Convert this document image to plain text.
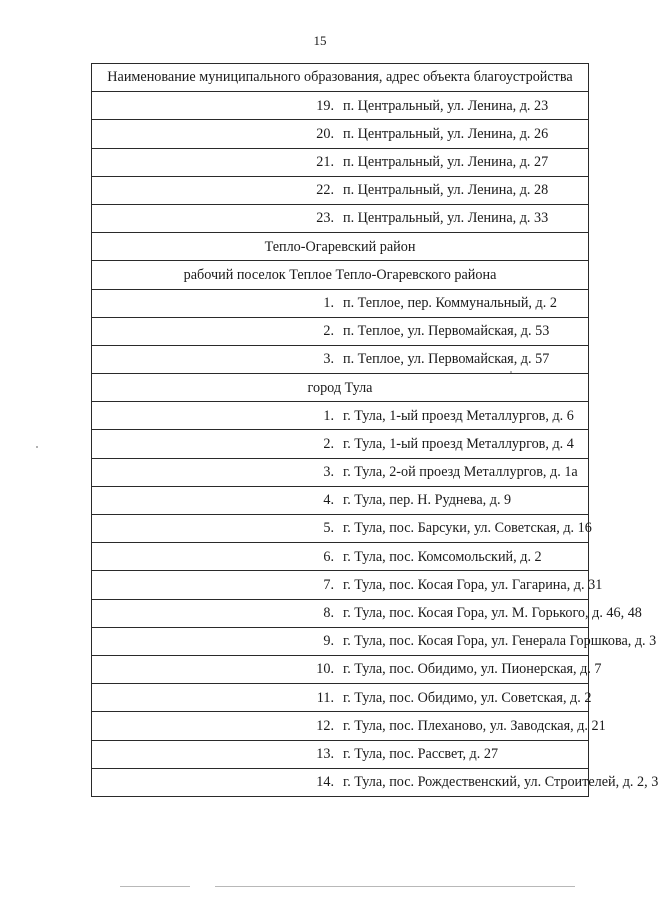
15
Наименование муниципального образования, адрес объекта благоустройства	
19.	п. Центральный, ул. Ленина, д. 23
20.	п. Центральный, ул. Ленина, д. 26
21.	п. Центральный, ул. Ленина, д. 27
22.	п. Центральный, ул. Ленина, д. 28
23.	п. Центральный, ул. Ленина, д. 33
Тепло-Огаревский район	
рабочий поселок Теплое Тепло-Огаревского района	
1.	п. Теплое, пер. Коммунальный, д. 2
2.	п. Теплое, ул. Первомайская, д. 53
3.	п. Теплое, ул. Первомайская, д. 57
город Тула	
1.	г. Тула, 1-ый проезд Металлургов, д. 6
2.	г. Тула, 1-ый проезд Металлургов, д. 4
3.	г. Тула, 2-ой проезд Металлургов, д. 1а
4.	г. Тула, пер. Н. Руднева, д. 9
5.	г. Тула, пос. Барсуки, ул. Советская, д. 16
6.	г. Тула, пос. Комсомольский, д. 2
7.	г. Тула, пос. Косая Гора, ул. Гагарина, д. 31
8.	г. Тула, пос. Косая Гора, ул. М. Горького, д. 46, 48
9.	г. Тула, пос. Косая Гора, ул. Генерала Горшкова, д. 3
10.	г. Тула, пос. Обидимо, ул. Пионерская, д. 7
11.	г. Тула, пос. Обидимо, ул. Советская, д. 2
12.	г. Тула, пос. Плеханово, ул. Заводская, д. 21
13.	г. Тула, пос. Рассвет, д. 27
14.	г. Тула, пос. Рождественский, ул. Строителей, д. 2, 3
